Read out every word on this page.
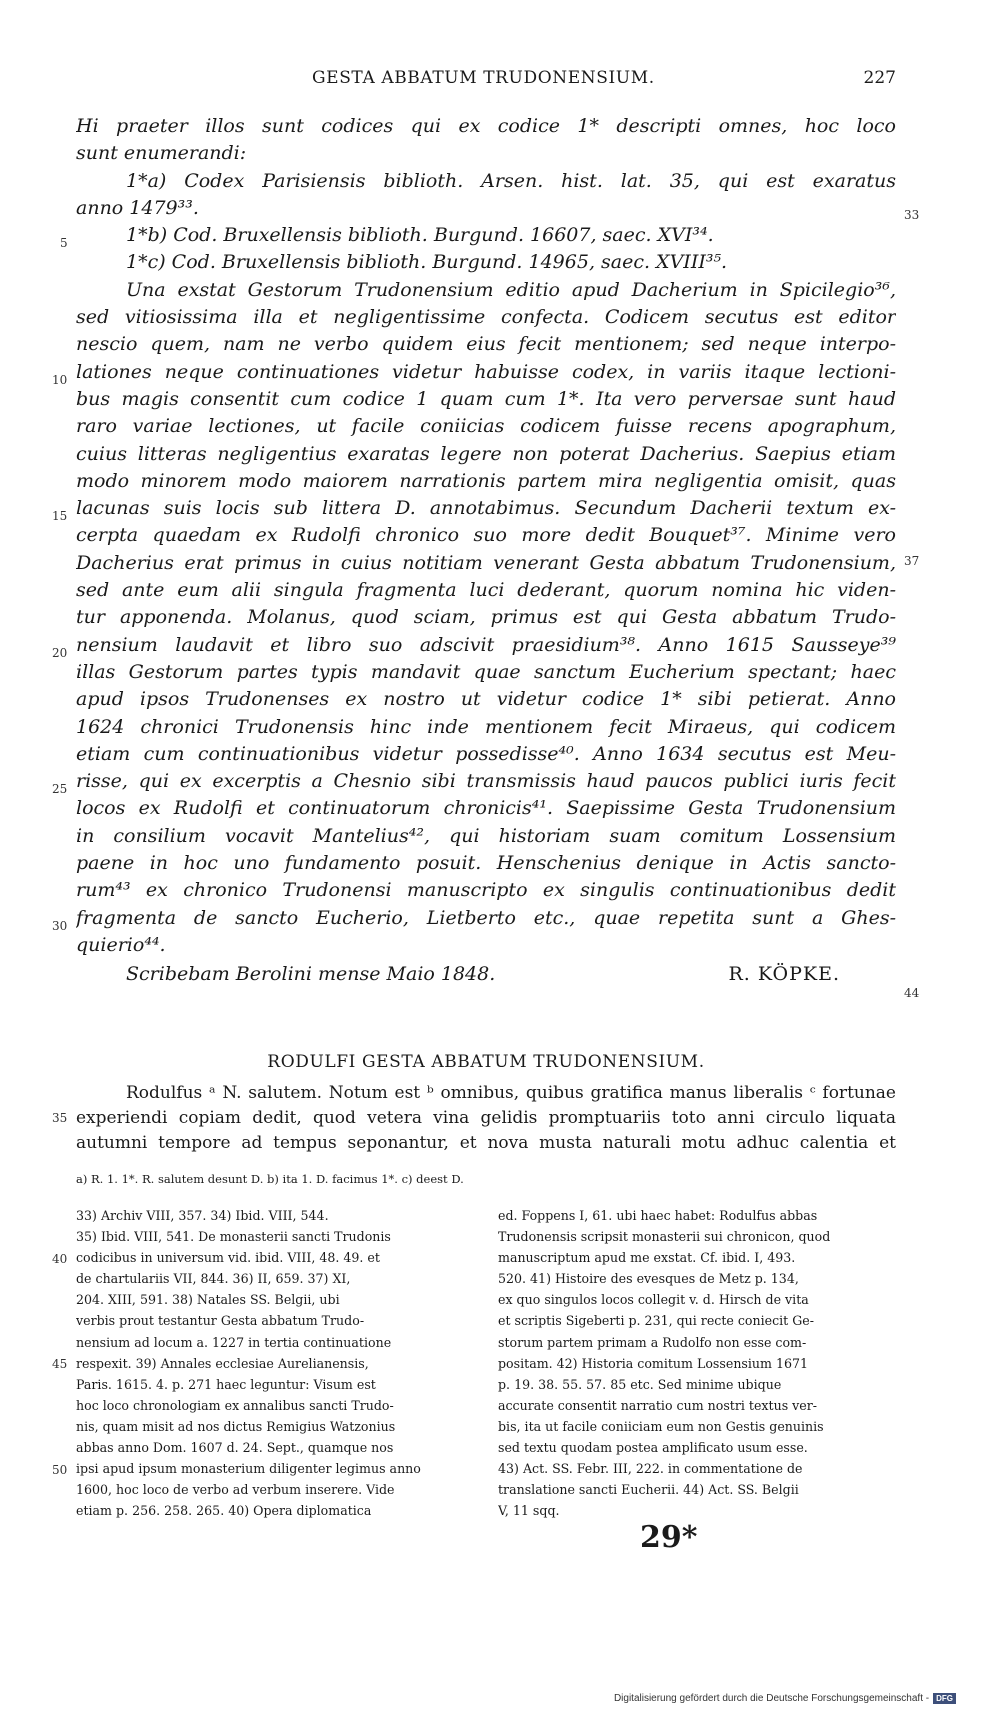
GESTA ABBATUM TRUDONENSIUM.	227
Hi praeter illos sunt codices qui ex codice 1* descripti omnes, hoc loco
sunt enumerandi:
1*a) Codex Parisiensis biblioth. Arsen. hist. lat. 35, qui est exaratus
anno 1479³³.
1*b) Cod. Bruxellensis biblioth. Burgund. 16607, saec. XVI³⁴.
1*c) Cod. Bruxellensis biblioth. Burgund. 14965, saec. XVIII³⁵.
Una exstat Gestorum Trudonensium editio apud Dacherium in Spicilegio³⁶,
sed vitiosissima illa et negligentissime confecta. Codicem secutus est editor
nescio quem, nam ne verbo quidem eius fecit mentionem; sed neque interpo-
lationes neque continuationes videtur habuisse codex, in variis itaque lectioni-
bus magis consentit cum codice 1 quam cum 1*. Ita vero perversae sunt haud
raro variae lectiones, ut facile coniicias codicem fuisse recens apographum,
cuius litteras negligentius exaratas legere non poterat Dacherius. Saepius etiam
modo minorem modo maiorem narrationis partem mira negligentia omisit, quas
lacunas suis locis sub littera D. annotabimus. Secundum Dacherii textum ex-
cerpta quaedam ex Rudolfi chronico suo more dedit Bouquet³⁷. Minime vero
Dacherius erat primus in cuius notitiam venerant Gesta abbatum Trudonensium,
sed ante eum alii singula fragmenta luci dederant, quorum nomina hic viden-
tur apponenda. Molanus, quod sciam, primus est qui Gesta abbatum Trudo-
nensium laudavit et libro suo adscivit praesidium³⁸. Anno 1615 Sausseye³⁹
illas Gestorum partes typis mandavit quae sanctum Eucherium spectant; haec
apud ipsos Trudonenses ex nostro ut videtur codice 1* sibi petierat. Anno
1624 chronici Trudonensis hinc inde mentionem fecit Miraeus, qui codicem
etiam cum continuationibus videtur possedisse⁴⁰. Anno 1634 secutus est Meu-
risse, qui ex excerptis a Chesnio sibi transmissis haud paucos publici iuris fecit
locos ex Rudolfi et continuatorum chronicis⁴¹. Saepissime Gesta Trudonensium
in consilium vocavit Mantelius⁴², qui historiam suam comitum Lossensium
paene in hoc uno fundamento posuit. Henschenius denique in Actis sancto-
rum⁴³ ex chronico Trudonensi manuscripto ex singulis continuationibus dedit
fragmenta de sancto Eucherio, Lietberto etc., quae repetita sunt a Ghes-
quierio⁴⁴.
Scribebam Berolini mense Maio 1848.	R. KÖPKE.
RODULFI GESTA ABBATUM TRUDONENSIUM.
Rodulfus ᵃ N. salutem. Notum est ᵇ omnibus, quibus gratifica manus liberalis ᶜ fortunae
experiendi copiam dedit, quod vetera vina gelidis promptuariis toto anni circulo liquata
autumni tempore ad tempus seponantur, et nova musta naturali motu adhuc calentia et
a) R. 1. 1*. R. salutem desunt D. b) ita 1. D. facimus 1*. c) deest D.
33) Archiv VIII, 357. 34) Ibid. VIII, 544.
35) Ibid. VIII, 541. De monasterii sancti Trudonis
codicibus in universum vid. ibid. VIII, 48. 49. et
de chartulariis VII, 844. 36) II, 659. 37) XI,
204. XIII, 591. 38) Natales SS. Belgii, ubi
verbis prout testantur Gesta abbatum Trudo-
nensium ad locum a. 1227 in tertia continuatione
respexit. 39) Annales ecclesiae Aurelianensis,
Paris. 1615. 4. p. 271 haec leguntur: Visum est
hoc loco chronologiam ex annalibus sancti Trudo-
nis, quam misit ad nos dictus Remigius Watzonius
abbas anno Dom. 1607 d. 24. Sept., quamque nos
ipsi apud ipsum monasterium diligenter legimus anno
1600, hoc loco de verbo ad verbum inserere. Vide
etiam p. 256. 258. 265. 40) Opera diplomatica
ed. Foppens I, 61. ubi haec habet: Rodulfus abbas
Trudonensis scripsit monasterii sui chronicon, quod
manuscriptum apud me exstat. Cf. ibid. I, 493.
520. 41) Histoire des evesques de Metz p. 134,
ex quo singulos locos collegit v. d. Hirsch de vita
et scriptis Sigeberti p. 231, qui recte coniecit Ge-
storum partem primam a Rudolfo non esse com-
positam. 42) Historia comitum Lossensium 1671
p. 19. 38. 55. 57. 85 etc. Sed minime ubique
accurate consentit narratio cum nostri textus ver-
bis, ita ut facile coniiciam eum non Gestis genuinis
sed textu quodam postea amplificato usum esse.
43) Act. SS. Febr. III, 222. in commentatione de
translatione sancti Eucherii. 44) Act. SS. Belgii
V, 11 sqq.
5
10
15
20
25
30
35
40
45
50
33
37
44
29*
Digitalisierung gefördert durch die Deutsche Forschungsgemeinschaft - DFG
